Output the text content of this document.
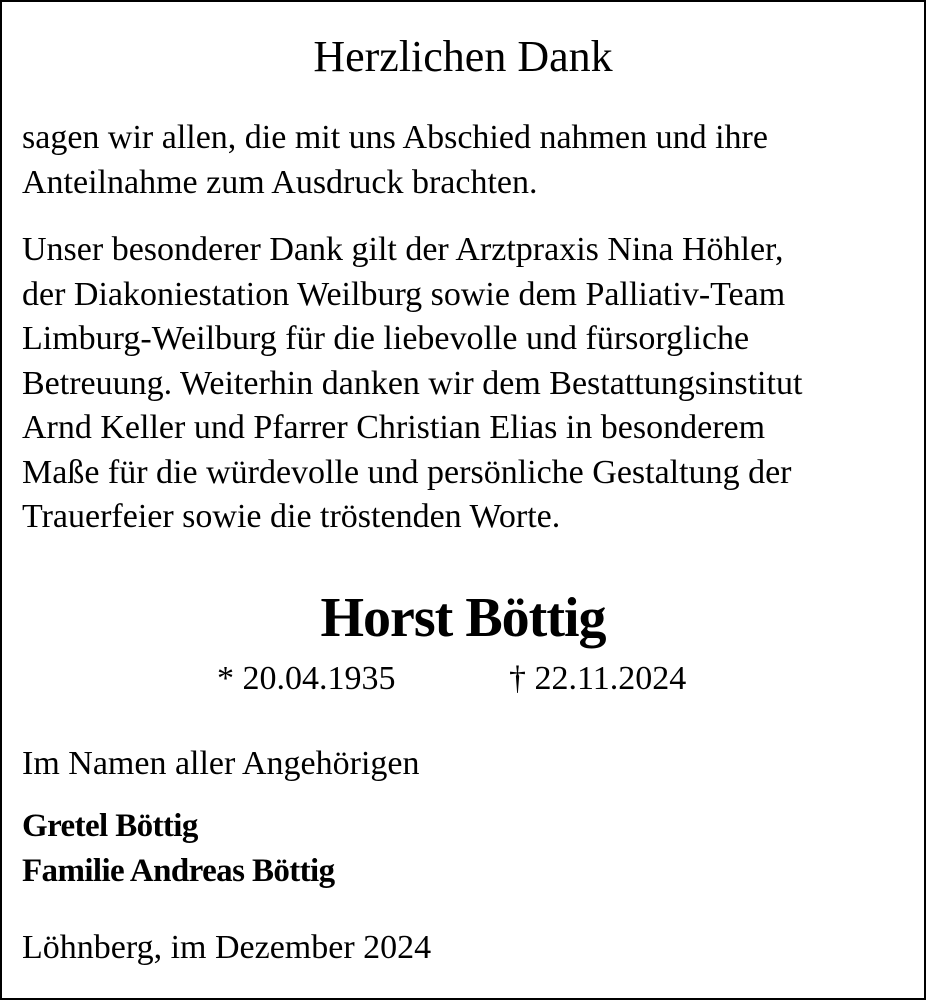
Herzlichen Dank

sagen wir allen, die mit uns Abschied nahmen und ihre
Anteilnahme zum Ausdruck brachten.

Unser besonderer Dank gilt der Arztpraxis Nina Höhler,
der Diakoniestation Weilburg sowie dem Palliativ-Team
Limburg-Weilburg für die liebevolle und fürsorgliche
Betreuung. Weiterhin danken wir dem Bestattungsinstitut
Arnd Keller und Pfarrer Christian Elias in besonderem
Maße für die würdevolle und persönliche Gestaltung der
Trauerfeier sowie die tröstenden Worte.

Horst Böttig
* 20.04.1935	† 22.11.2024
Im Namen aller Angehörigen
Gretel Böttig
Familie Andreas Böttig
Löhnberg, im Dezember 2024
